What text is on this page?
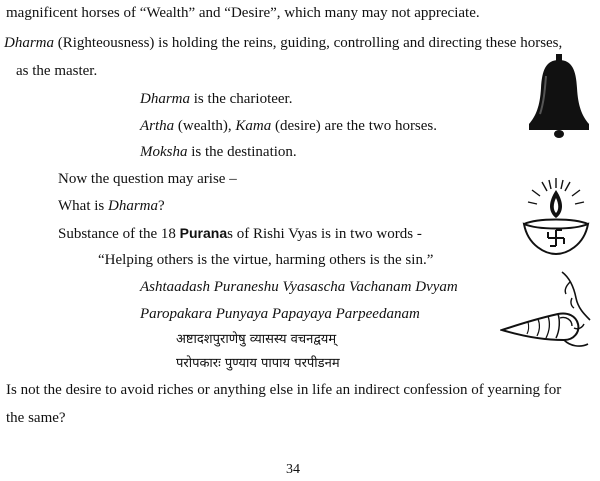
magnificent horses of “Wealth” and “Desire”, which many may not appreciate.
Dharma (Righteousness) is holding the reins, guiding, controlling and directing these horses,
as the master.
Dharma is the charioteer.
Artha (wealth), Kama (desire) are the two horses.
Moksha is the destination.
Now the question may arise –
What is Dharma?
Substance of the 18 Puranas of Rishi Vyas is in two words -
“Helping others is the virtue, harming others is the sin.”
Ashtaadash Puraneshu Vyasascha Vachanam Dvyam
Paropakara Punyaya Papayaya Parpeedanam
अष्टादशपुराणेषु व्यासस्य वचनद्वयम्
परोपकारः पुण्याय पापाय परपीडनम
Is not the desire to avoid riches or anything else in life an indirect confession of yearning for
the same?
34
